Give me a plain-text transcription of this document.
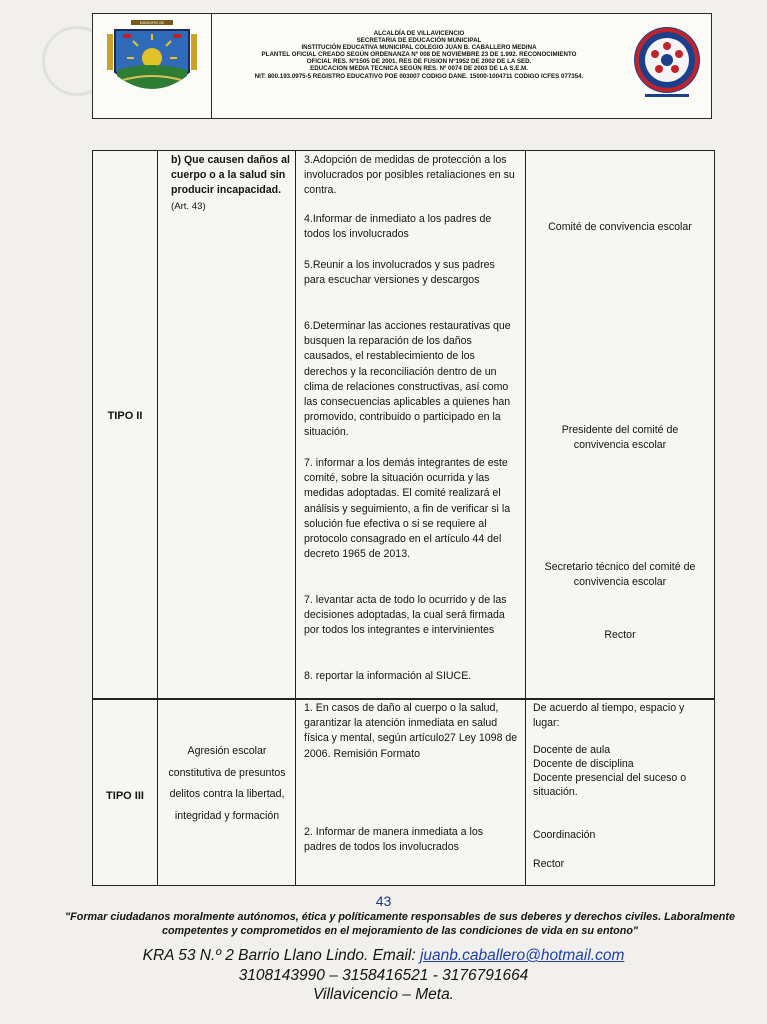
MUNICIPIO DE
ALCALDÍA DE VILLAVICENCIO
SECRETARIA DE EDUCACIÓN MUNICIPAL
INSTITUCIÓN EDUCATIVA MUNICIPAL COLEGIO JUAN B. CABALLERO MEDINA
PLANTEL OFICIAL CREADO SEGÚN ORDENANZA Nº 008 DE NOVIEMBRE 23 DE 1.992. RECONOCIMIENTO
OFICIAL RES. Nº1505 DE 2001. RES DE FUSION Nº1952 DE 2002 DE LA SED.
EDUCACION MEDIA TECNICA SEGÚN RES. Nº 0074 DE 2003 DE LA S.E.M.
NIT: 800.193.0975-5 REGISTRO EDUCATIVO POE 003007 CODIGO DANE. 15000-1004711 CODIGO ICFES 077354.
TIPO II
b) Que causen daños al cuerpo o a la salud sin producir incapacidad. (Art. 43)
3.Adopción de medidas de protección a los involucrados por posibles retaliaciones en su contra.
4.Informar de inmediato a los padres de todos los involucrados
5.Reunir a los involucrados y sus padres para escuchar versiones y descargos
6.Determinar las acciones restaurativas que busquen la reparación de los daños causados, el restablecimiento de los derechos y la reconciliación dentro de un clima de relaciones constructivas, así como las consecuencias aplicables a quienes han promovido, contribuido o participado en la situación.
7. informar a los demás integrantes de este comité, sobre la situación ocurrida y las medidas adoptadas. El comité realizará el análisis y seguimiento, a fin de verificar si la solución fue efectiva o si se requiere al protocolo consagrado en el artículo 44 del decreto 1965 de 2013.
7. levantar acta de todo lo ocurrido y de las decisiones adoptadas, la cual será firmada por todos los integrantes e intervinientes
8. reportar la información al SIUCE.
Comité de convivencia escolar
Presidente del comité de convivencia escolar
Secretario técnico del comité de convivencia escolar
Rector
TIPO III
Agresión escolar constitutiva de presuntos delitos contra la libertad, integridad y formación
1. En casos de daño al cuerpo o la salud, garantizar la atención inmediata en salud física y mental, según artículo27 Ley 1098 de 2006. Remisión Formato
2. Informar de manera inmediata a los padres de todos los involucrados
De acuerdo al tiempo, espacio y lugar:
Docente de aula
Docente de disciplina
Docente presencial del suceso o situación.
Coordinación
Rector
43
"Formar ciudadanos moralmente autónomos, ética y políticamente responsables de sus deberes y derechos civiles. Laboralmente
competentes y comprometidos en el mejoramiento de las condiciones de vida en su entono"
KRA 53 N.º 2 Barrio Llano Lindo. Email: juanb.caballero@hotmail.com
3108143990 – 3158416521 - 3176791664
Villavicencio – Meta.
